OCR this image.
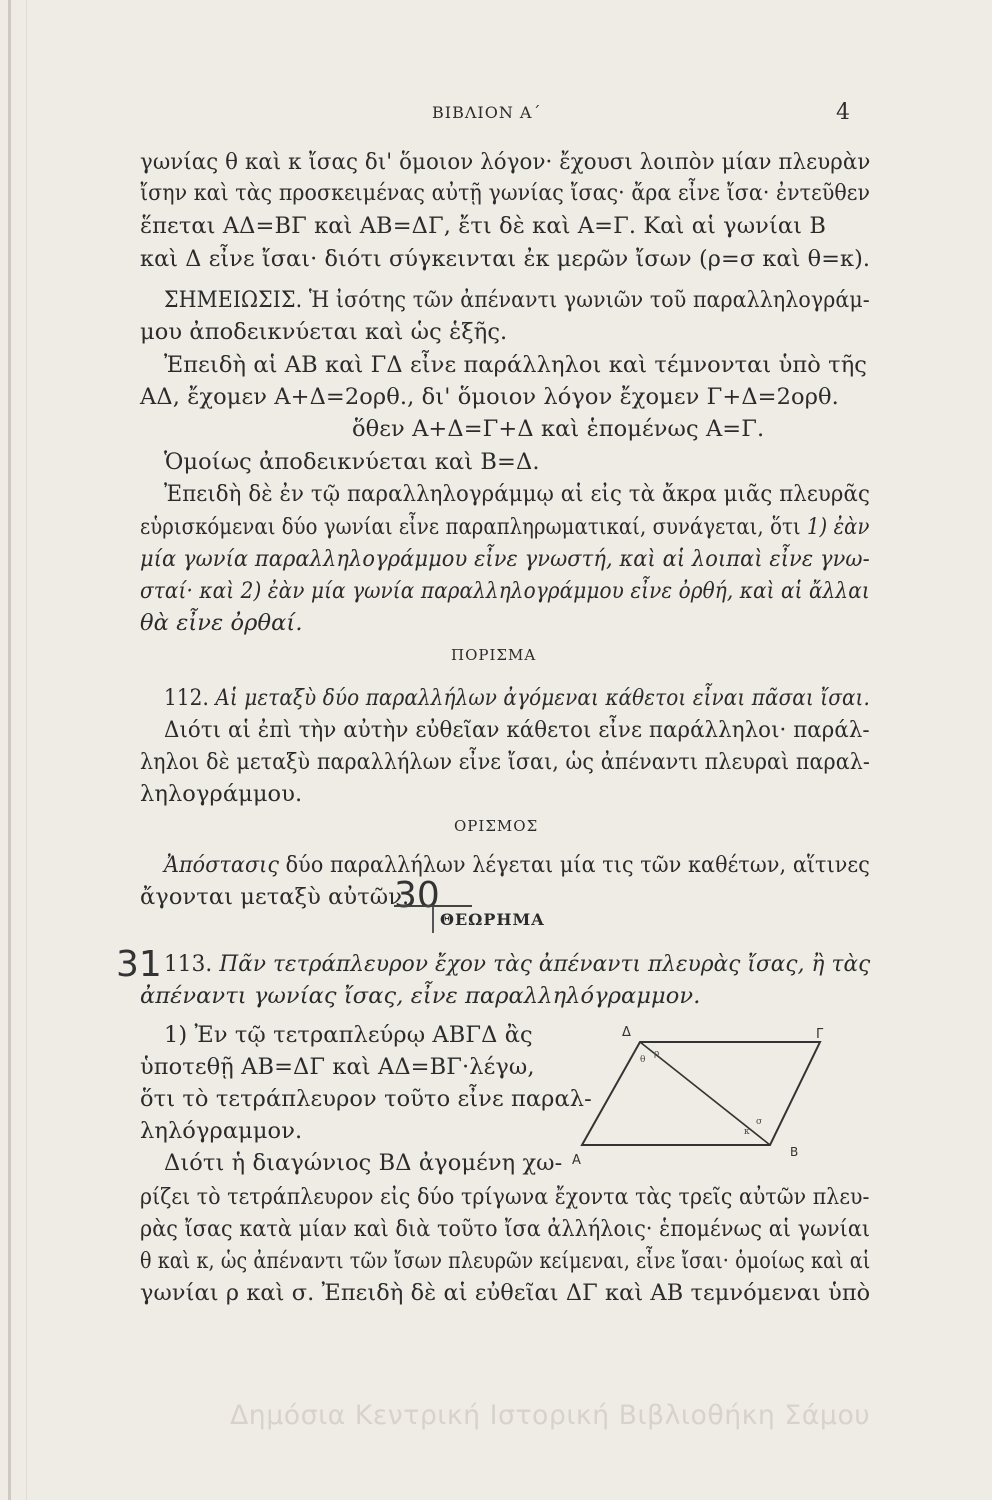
ΒΙΒΛΙΟΝ Α΄	4
γωνίας θ καὶ κ ἴσας δι' ὅμοιον λόγον· ἔχουσι λοιπὸν μίαν πλευρὰν
ἴσην καὶ τὰς προσκειμένας αὐτῇ γωνίας ἴσας· ἄρα εἶνε ἴσα· ἐντεῦθεν
ἕπεται ΑΔ=ΒΓ καὶ ΑΒ=ΔΓ, ἔτι δὲ καὶ Α=Γ. Καὶ αἱ γωνίαι Β
καὶ Δ εἶνε ἴσαι· διότι σύγκεινται ἐκ μερῶν ἴσων (ρ=σ καὶ θ=κ).
ΣΗΜΕΙΩΣΙΣ. Ἡ ἰσότης τῶν ἀπέναντι γωνιῶν τοῦ παραλληλογράμ-
μου ἀποδεικνύεται καὶ ὡς ἑξῆς.
Ἐπειδὴ αἱ ΑΒ καὶ ΓΔ εἶνε παράλληλοι καὶ τέμνονται ὑπὸ τῆς
ΑΔ, ἔχομεν Α+Δ=2ορθ., δι' ὅμοιον λόγον ἔχομεν Γ+Δ=2ορθ.
ὅθεν Α+Δ=Γ+Δ καὶ ἑπομένως Α=Γ.
Ὁμοίως ἀποδεικνύεται καὶ Β=Δ.
Ἐπειδὴ δὲ ἐν τῷ παραλληλογράμμῳ αἱ εἰς τὰ ἄκρα μιᾶς πλευρᾶς
εὑρισκόμεναι δύο γωνίαι εἶνε παραπληρωματικαί, συνάγεται, ὅτι 1) ἐὰν
μία γωνία παραλληλογράμμου εἶνε γνωστή, καὶ αἱ λοιπαὶ εἶνε γνω-
σταί· καὶ 2) ἐὰν μία γωνία παραλληλογράμμου εἶνε ὀρθή, καὶ αἱ ἄλλαι
θὰ εἶνε ὀρθαί.
ΠΟΡΙΣΜΑ
112. Αἱ μεταξὺ δύο παραλλήλων ἀγόμεναι κάθετοι εἶναι πᾶσαι ἴσαι.
Διότι αἱ ἐπὶ τὴν αὐτὴν εὐθεῖαν κάθετοι εἶνε παράλληλοι· παράλ-
ληλοι δὲ μεταξὺ παραλλήλων εἶνε ἴσαι, ὡς ἀπέναντι πλευραὶ παραλ-
ληλογράμμου.
ΟΡΙΣΜΟΣ
Ἀπόστασις δύο παραλλήλων λέγεται μία τις τῶν καθέτων, αἵτινες
ἄγονται μεταξὺ αὐτῶν.
30
ΘΕΩΡΗΜΑ
31 113. Πᾶν τετράπλευρον ἔχον τὰς ἀπέναντι πλευρὰς ἴσας, ἢ τὰς
ἀπέναντι γωνίας ἴσας, εἶνε παραλληλόγραμμον.
1) Ἐν τῷ τετραπλεύρῳ ΑΒΓΔ ἂς
ὑποτεθῇ ΑΒ=ΔΓ καὶ ΑΔ=ΒΓ·λέγω,
ὅτι τὸ τετράπλευρον τοῦτο εἶνε παραλ-
ληλόγραμμον.
Διότι ἡ διαγώνιος ΒΔ ἀγομένη χω-
Δ	Γ
Α
Β
θ
ρ
κ
σ
ρίζει τὸ τετράπλευρον εἰς δύο τρίγωνα ἔχοντα τὰς τρεῖς αὐτῶν πλευ-
ρὰς ἴσας κατὰ μίαν καὶ διὰ τοῦτο ἴσα ἀλλήλοις· ἑπομένως αἱ γωνίαι
θ καὶ κ, ὡς ἀπέναντι τῶν ἴσων πλευρῶν κείμεναι, εἶνε ἴσαι· ὁμοίως καὶ αἱ
γωνίαι ρ καὶ σ. Ἐπειδὴ δὲ αἱ εὐθεῖαι ΔΓ καὶ ΑΒ τεμνόμεναι ὑπὸ
Δημόσια Κεντρική Ιστορική Βιβλιοθήκη Σάμου
